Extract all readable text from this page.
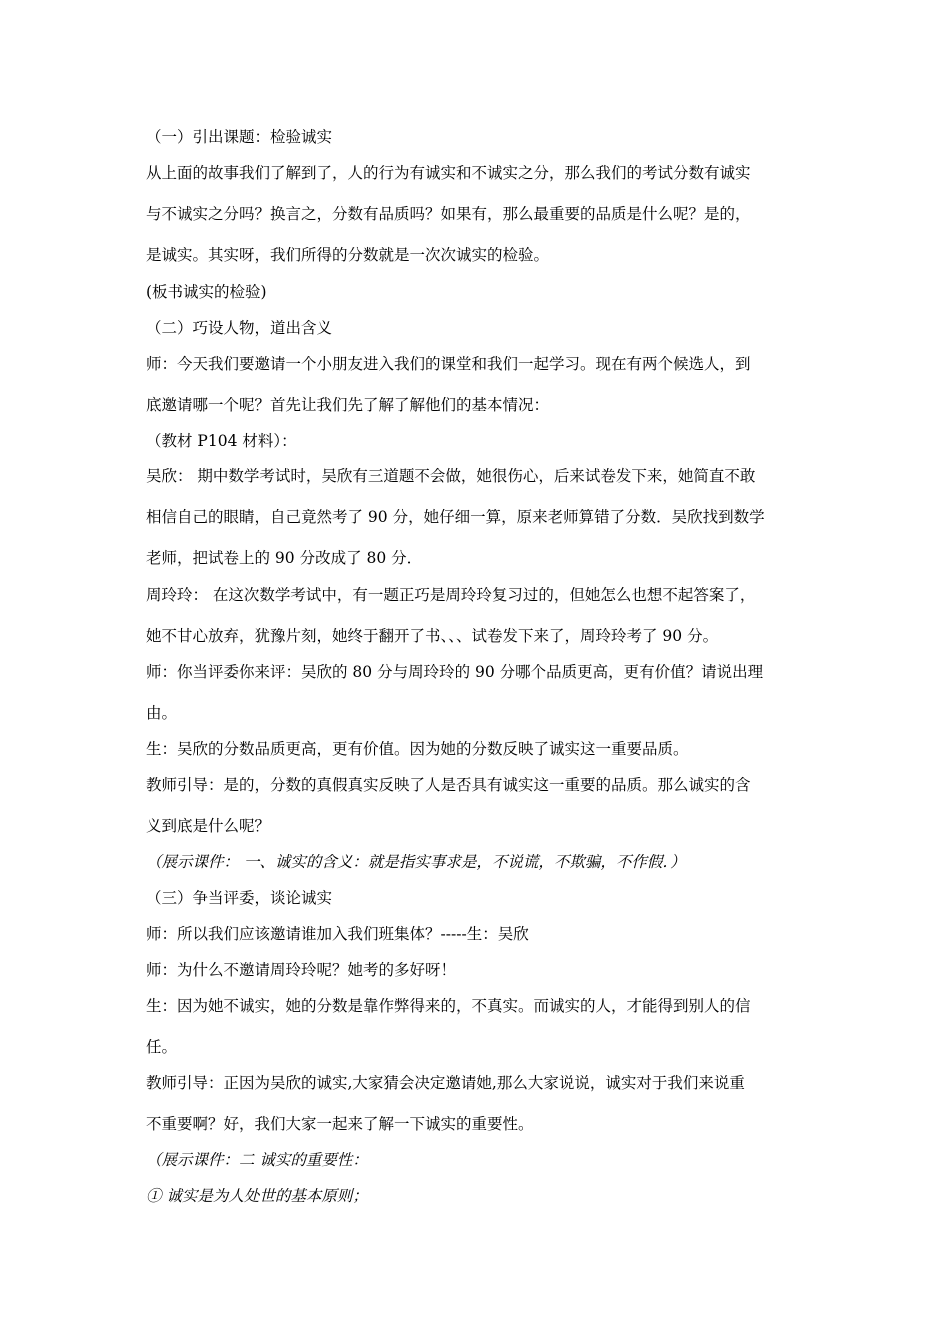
（一）引出课题：检验诚实
从上面的故事我们了解到了，人的行为有诚实和不诚实之分，那么我们的考试分数有诚实
与不诚实之分吗？换言之，分数有品质吗？如果有，那么最重要的品质是什么呢？是的，
是诚实。其实呀，我们所得的分数就是一次次诚实的检验。
(板书诚实的检验)
（二）巧设人物，道出含义
师：今天我们要邀请一个小朋友进入我们的课堂和我们一起学习。现在有两个候选人，到
底邀请哪一个呢？首先让我们先了解了解他们的基本情况：
（教材 P104 材料）：
吴欣： 期中数学考试时，吴欣有三道题不会做，她很伤心，后来试卷发下来，她简直不敢
相信自己的眼睛，自己竟然考了 90 分，她仔细一算，原来老师算错了分数．吴欣找到数学
老师，把试卷上的 90 分改成了 80 分．
周玲玲： 在这次数学考试中，有一题正巧是周玲玲复习过的，但她怎么也想不起答案了，
她不甘心放弃，犹豫片刻，她终于翻开了书、、、试卷发下来了，周玲玲考了 90 分。
师：你当评委你来评：吴欣的 80 分与周玲玲的 90 分哪个品质更高，更有价值？请说出理
由。
生：吴欣的分数品质更高，更有价值。因为她的分数反映了诚实这一重要品质。
教师引导：是的，分数的真假真实反映了人是否具有诚实这一重要的品质。那么诚实的含
义到底是什么呢？
（展示课件： 一、诚实的含义：就是指实事求是，不说谎，不欺骗，不作假．）
（三）争当评委，谈论诚实
师：所以我们应该邀请谁加入我们班集体？-----生：吴欣
师：为什么不邀请周玲玲呢？她考的多好呀！
生：因为她不诚实，她的分数是靠作弊得来的，不真实。而诚实的人，才能得到别人的信
任。
教师引导：正因为吴欣的诚实,大家猜会决定邀请她,那么大家说说，诚实对于我们来说重
不重要啊？好，我们大家一起来了解一下诚实的重要性。
（展示课件：二 诚实的重要性：
① 诚实是为人处世的基本原则；
